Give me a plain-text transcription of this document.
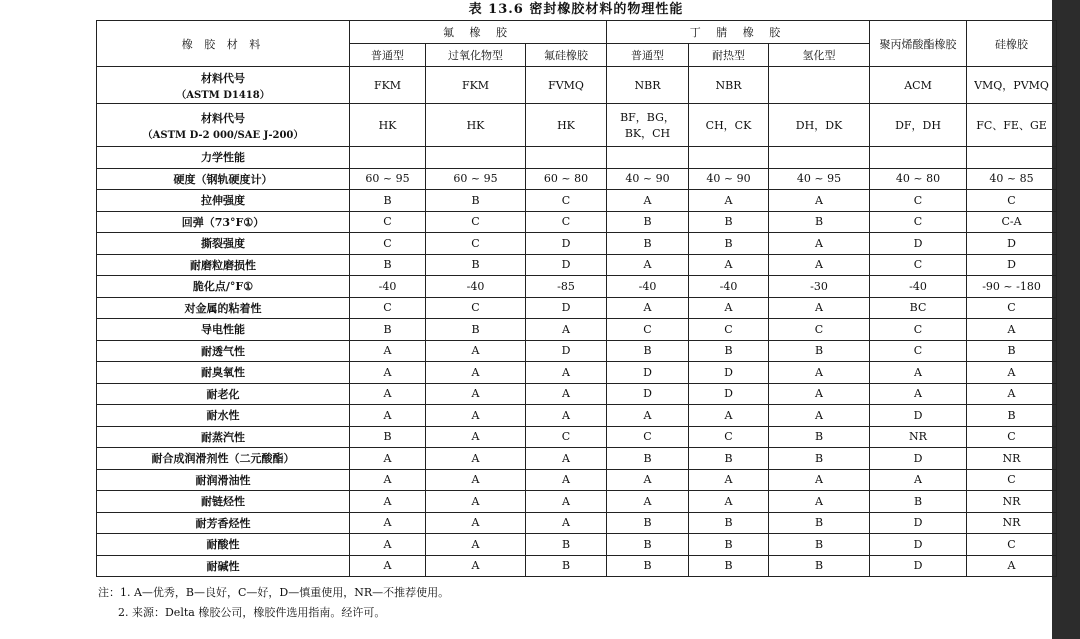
表 13.6 密封橡胶材料的物理性能
橡 胶 材 料	氟 橡 胶			丁 腈 橡 胶			聚丙烯酸酯橡胶	硅橡胶
	普通型	过氧化物型	氟硅橡胶	普通型	耐热型	氢化型		
材料代号

（ASTM D1418）	FKM	FKM	FVMQ	NBR	NBR		ACM	VMQ，PVMQ
材料代号

（ASTM D-2 000/SAE J-200）	HK	HK	HK	BF，BG，BK，CH	CH，CK	DH，DK	DF，DH	FC、FE、GE
力学性能								
硬度（钢轨硬度计）	60 ~ 95	60 ~ 95	60 ~ 80	40 ~ 90	40 ~ 90	40 ~ 95	40 ~ 80	40 ~ 85
拉伸强度	B	B	C	A	A	A	C	C
回弹（73°F①）	C	C	C	B	B	B	C	C-A
撕裂强度	C	C	D	B	B	A	D	D
耐磨粒磨损性	B	B	D	A	A	A	C	D
脆化点/°F①	-40	-40	-85	-40	-40	-30	-40	-90 ~ -180
对金属的粘着性	C	C	D	A	A	A	BC	C
导电性能	B	B	A	C	C	C	C	A
耐透气性	A	A	D	B	B	B	C	B
耐臭氧性	A	A	A	D	D	A	A	A
耐老化	A	A	A	D	D	A	A	A
耐水性	A	A	A	A	A	A	D	B
耐蒸汽性	B	A	C	C	C	B	NR	C
耐合成润滑剂性（二元酸酯）	A	A	A	B	B	B	D	NR
耐润滑油性	A	A	A	A	A	A	A	C
耐链烃性	A	A	A	A	A	A	B	NR
耐芳香烃性	A	A	A	B	B	B	D	NR
耐酸性	A	A	B	B	B	B	D	C
耐碱性	A	A	B	B	B	B	D	A
注：1. A—优秀，B—良好，C—好，D—慎重使用，NR—不推荐使用。
2. 来源：Delta 橡胶公司，橡胶件选用指南。经许可。
